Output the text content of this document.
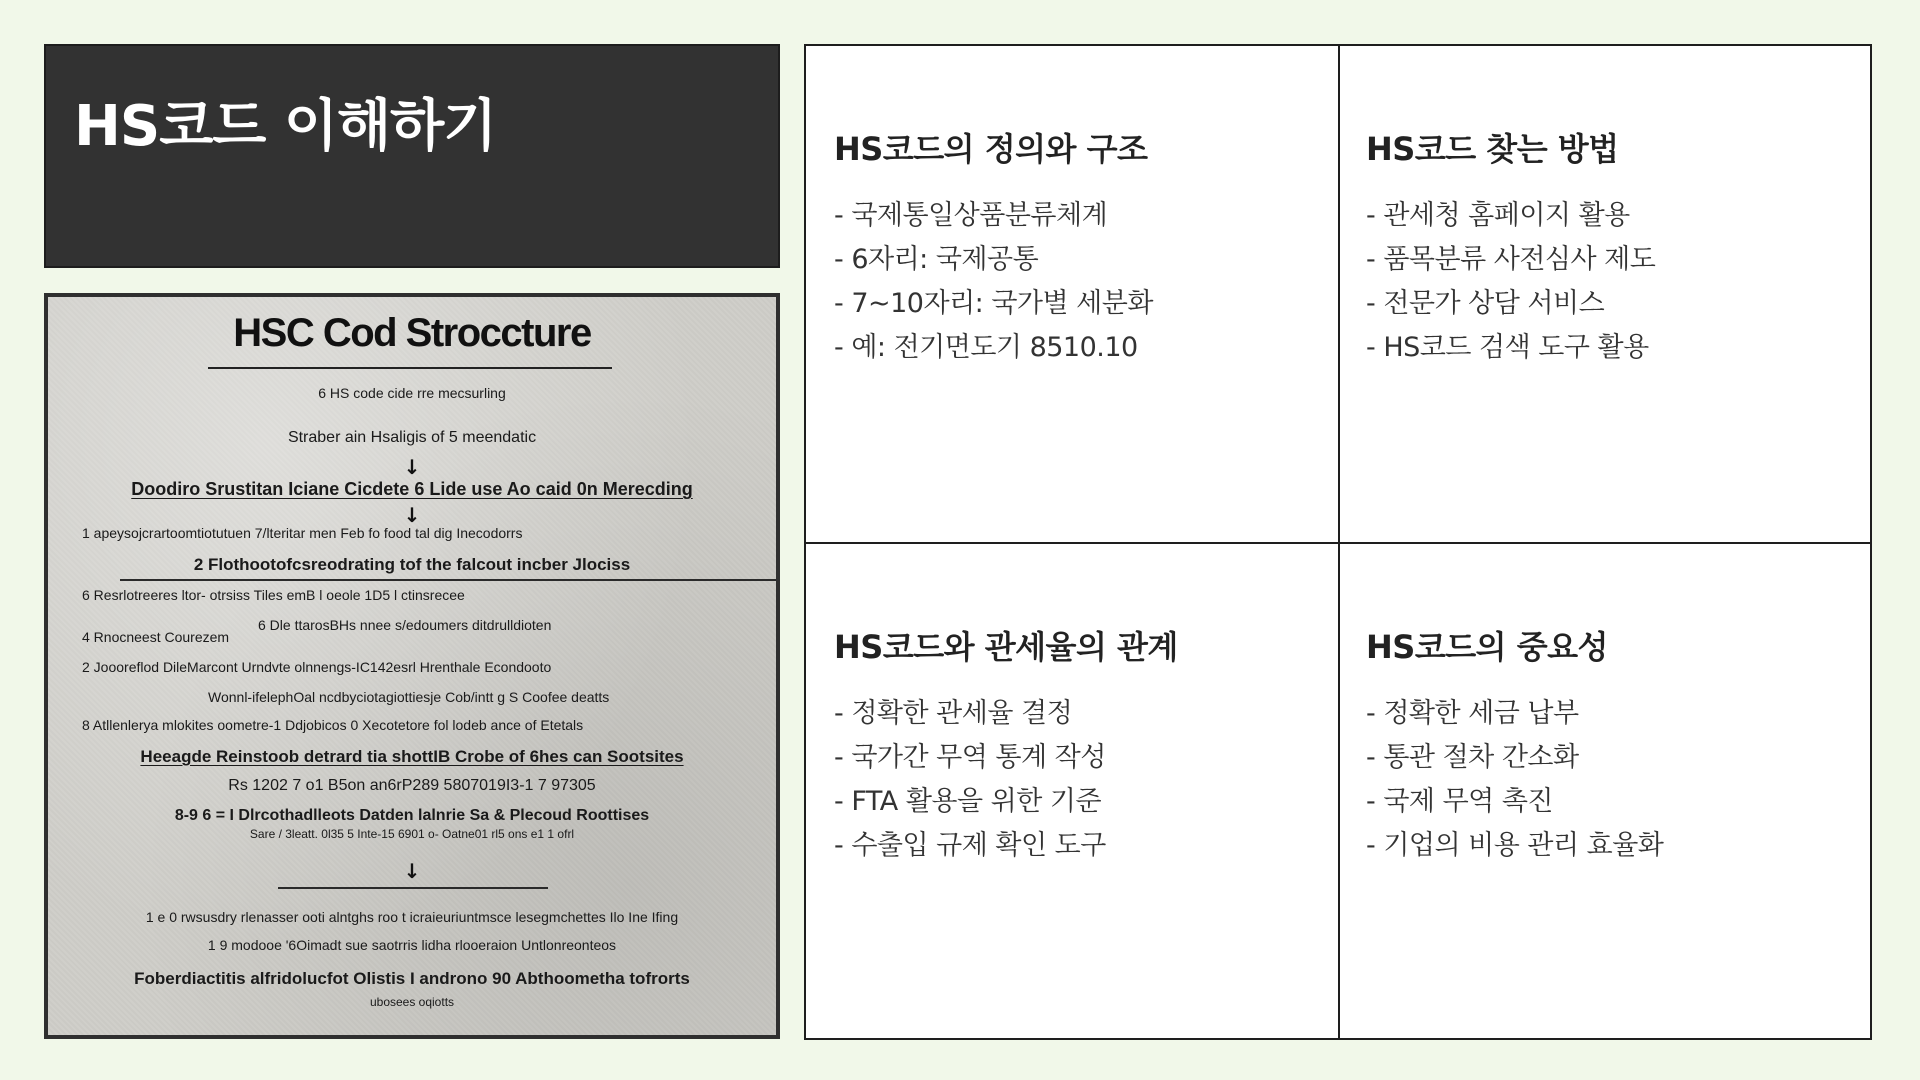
HS코드 이해하기
HSC Cod Stroccture
6 HS code cide rre mecsurling
Straber ain Hsaligis of 5 meendatic
↓
Doodiro Srustitan Iciane Cicdete 6 Lide use Ao caid 0n Merecding
↓
1 apeysojcrartoomtiotutuen 7/lteritar men Feb fo food tal dig Inecodorrs
2 Flothootofcsreodrating tof the falcout incber Jlociss
6 Resrlotreeres ltor- otrsiss Tiles emB l oeole 1D5 l ctinsrecee
6 Dle ttarosBHs nnee s/edoumers ditdrulldioten
4 Rnocneest Courezem
2 Joooreflod DileMarcont Urndvte olnnengs-IC142esrl Hrenthale Econdooto
Wonnl-ifelephOal ncdbyciotagiottiesje Cob/intt g S Coofee deatts
8 Atllenlerya mlokites oometre-1 Ddjobicos 0 Xecotetore fol lodeb ance of Etetals
Heeagde Reinstoob detrard tia shottIB Crobe of 6hes can Sootsites
Rs 1202 7 o1 B5on an6rP289 5807019I3-1 7 97305
8-9 6 = I Dlrcothadlleots Datden lalnrie Sa & Plecoud Roottises
Sare / 3leatt. 0l35 5 Inte-15 6901 o- Oatne01 rl5 ons e1 1 ofrl
↓
1 e 0 rwsusdry rlenasser ooti alntghs roo t icraieuriuntmsce lesegmchettes Ilo Ine Ifing
1 9 modooe '6Oimadt sue saotrris lidha rlooeraion Untlonreonteos
Foberdiactitis alfridolucfot Olistis I androno 90 Abthoometha tofrorts
ubosees oqiotts
HS코드의 정의와 구조
- 국제통일상품분류체계
- 6자리: 국제공통
- 7~10자리: 국가별 세분화
- 예: 전기면도기 8510.10
HS코드 찾는 방법
- 관세청 홈페이지 활용
- 품목분류 사전심사 제도
- 전문가 상담 서비스
- HS코드 검색 도구 활용
HS코드와 관세율의 관계
- 정확한 관세율 결정
- 국가간 무역 통계 작성
- FTA 활용을 위한 기준
- 수출입 규제 확인 도구
HS코드의 중요성
- 정확한 세금 납부
- 통관 절차 간소화
- 국제 무역 촉진
- 기업의 비용 관리 효율화
